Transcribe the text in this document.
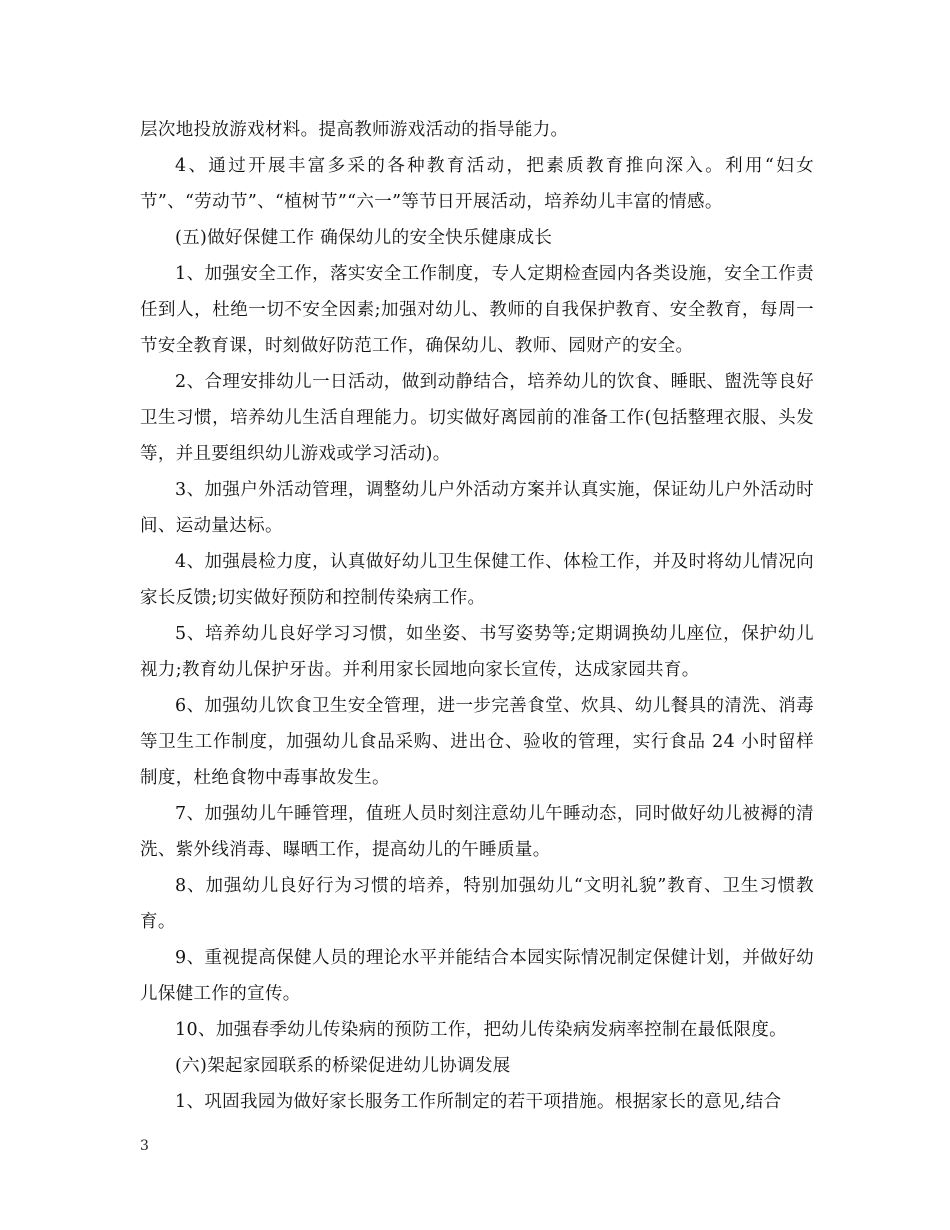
层次地投放游戏材料。提高教师游戏活动的指导能力。

4、通过开展丰富多采的各种教育活动，把素质教育推向深入。利用“妇女节”、“劳动节”、“植树节”“六一”等节日开展活动，培养幼儿丰富的情感。

(五)做好保健工作 确保幼儿的安全快乐健康成长

1、加强安全工作，落实安全工作制度，专人定期检查园内各类设施，安全工作责任到人，杜绝一切不安全因素;加强对幼儿、教师的自我保护教育、安全教育，每周一节安全教育课，时刻做好防范工作，确保幼儿、教师、园财产的安全。

2、合理安排幼儿一日活动，做到动静结合，培养幼儿的饮食、睡眠、盥洗等良好卫生习惯，培养幼儿生活自理能力。切实做好离园前的准备工作(包括整理衣服、头发等，并且要组织幼儿游戏或学习活动)。

3、加强户外活动管理，调整幼儿户外活动方案并认真实施，保证幼儿户外活动时间、运动量达标。

4、加强晨检力度，认真做好幼儿卫生保健工作、体检工作，并及时将幼儿情况向家长反馈;切实做好预防和控制传染病工作。

5、培养幼儿良好学习习惯，如坐姿、书写姿势等;定期调换幼儿座位，保护幼儿视力;教育幼儿保护牙齿。并利用家长园地向家长宣传，达成家园共育。

6、加强幼儿饮食卫生安全管理，进一步完善食堂、炊具、幼儿餐具的清洗、消毒等卫生工作制度，加强幼儿食品采购、进出仓、验收的管理，实行食品 24 小时留样制度，杜绝食物中毒事故发生。

7、加强幼儿午睡管理，值班人员时刻注意幼儿午睡动态，同时做好幼儿被褥的清洗、紫外线消毒、曝晒工作，提高幼儿的午睡质量。

8、加强幼儿良好行为习惯的培养，特别加强幼儿“文明礼貌”教育、卫生习惯教育。

9、重视提高保健人员的理论水平并能结合本园实际情况制定保健计划，并做好幼儿保健工作的宣传。

10、加强春季幼儿传染病的预防工作，把幼儿传染病发病率控制在最低限度。

(六)架起家园联系的桥梁促进幼儿协调发展

1、巩固我园为做好家长服务工作所制定的若干项措施。根据家长的意见,结合

3
